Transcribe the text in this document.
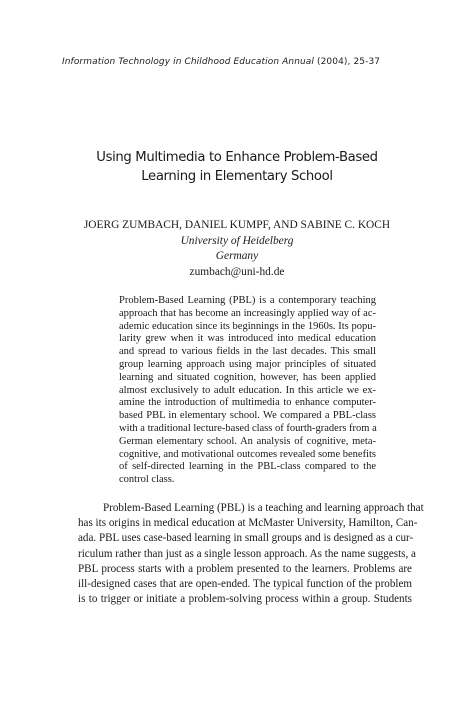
Information Technology in Childhood Education Annual (2004), 25-37
Using Multimedia to Enhance Problem-Based
Learning in Elementary School
JOERG ZUMBACH, DANIEL KUMPF, AND SABINE C. KOCH
University of Heidelberg
Germany
zumbach@uni-hd.de
Problem-Based Learning (PBL) is a contemporary teaching
approach that has become an increasingly applied way of ac-
ademic education since its beginnings in the 1960s. Its popu-
larity grew when it was introduced into medical education
and spread to various fields in the last decades. This small
group learning approach using major principles of situated
learning and situated cognition, however, has been applied
almost exclusively to adult education. In this article we ex-
amine the introduction of multimedia to enhance computer-
based PBL in elementary school. We compared a PBL-class
with a traditional lecture-based class of fourth-graders from a
German elementary school. An analysis of cognitive, meta-
cognitive, and motivational outcomes revealed some benefits
of self-directed learning in the PBL-class compared to the
control class.
Problem-Based Learning (PBL) is a teaching and learning approach that
has its origins in medical education at McMaster University, Hamilton, Can-
ada. PBL uses case-based learning in small groups and is designed as a cur-
riculum rather than just as a single lesson approach. As the name suggests, a
PBL process starts with a problem presented to the learners. Problems are
ill-designed cases that are open-ended. The typical function of the problem
is to trigger or initiate a problem-solving process within a group. Students
